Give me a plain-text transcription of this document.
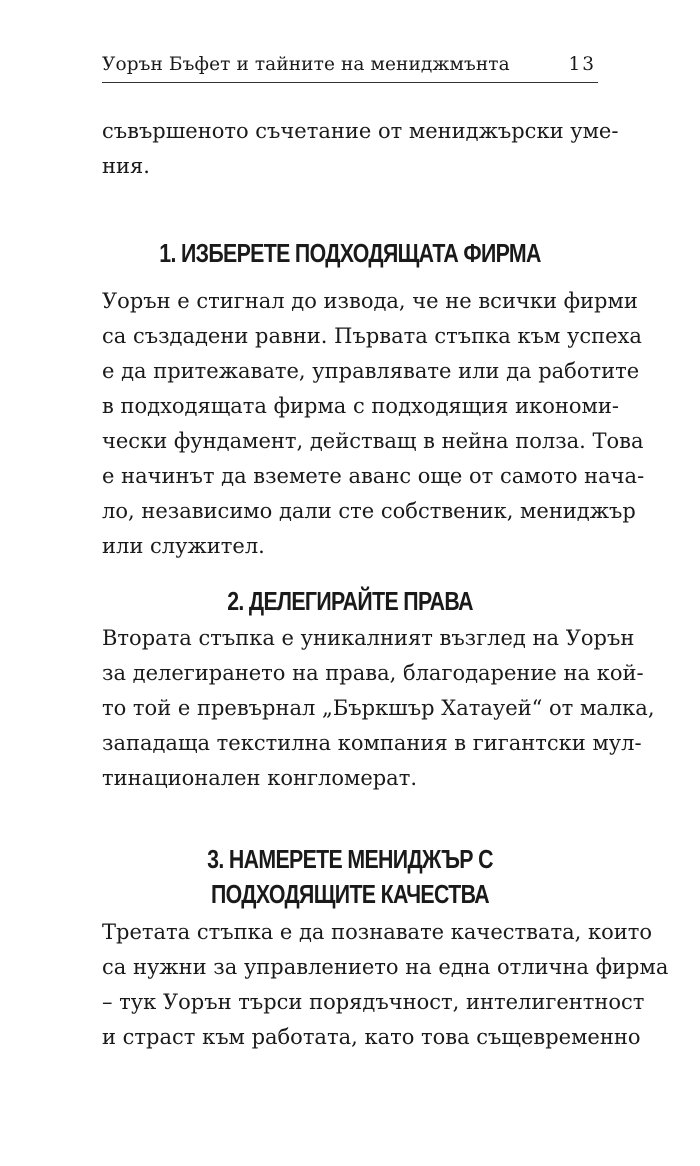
Уорън Бъфет и тайните на мениджмънта	13
съвършеното съчетание от мениджърски уме-
ния.
1. ИЗБЕРЕТЕ ПОДХОДЯЩАТА ФИРМА
Уорън е стигнал до извода, че не всички фирми
са създадени равни. Първата стъпка към успеха
е да притежавате, управлявате или да работите
в подходящата фирма с подходящия икономи-
чески фундамент, действащ в нейна полза. Това
е начинът да вземете аванс още от самото нача-
ло, независимо дали сте собственик, мениджър
или служител.
2. ДЕЛЕГИРАЙТЕ ПРАВА
Втората стъпка е уникалният възглед на Уорън
за делегирането на права, благодарение на кой-
то той е превърнал „Бъркшър Хатауей“ от малка,
западаща текстилна компания в гигантски мул-
тинационален конгломерат.
3. НАМЕРЕТЕ МЕНИДЖЪР С
ПОДХОДЯЩИТЕ КАЧЕСТВА
Третата стъпка е да познавате качествата, които
са нужни за управлението на една отлична фирма
– тук Уорън търси порядъчност, интелигентност
и страст към работата, като това същевременно
